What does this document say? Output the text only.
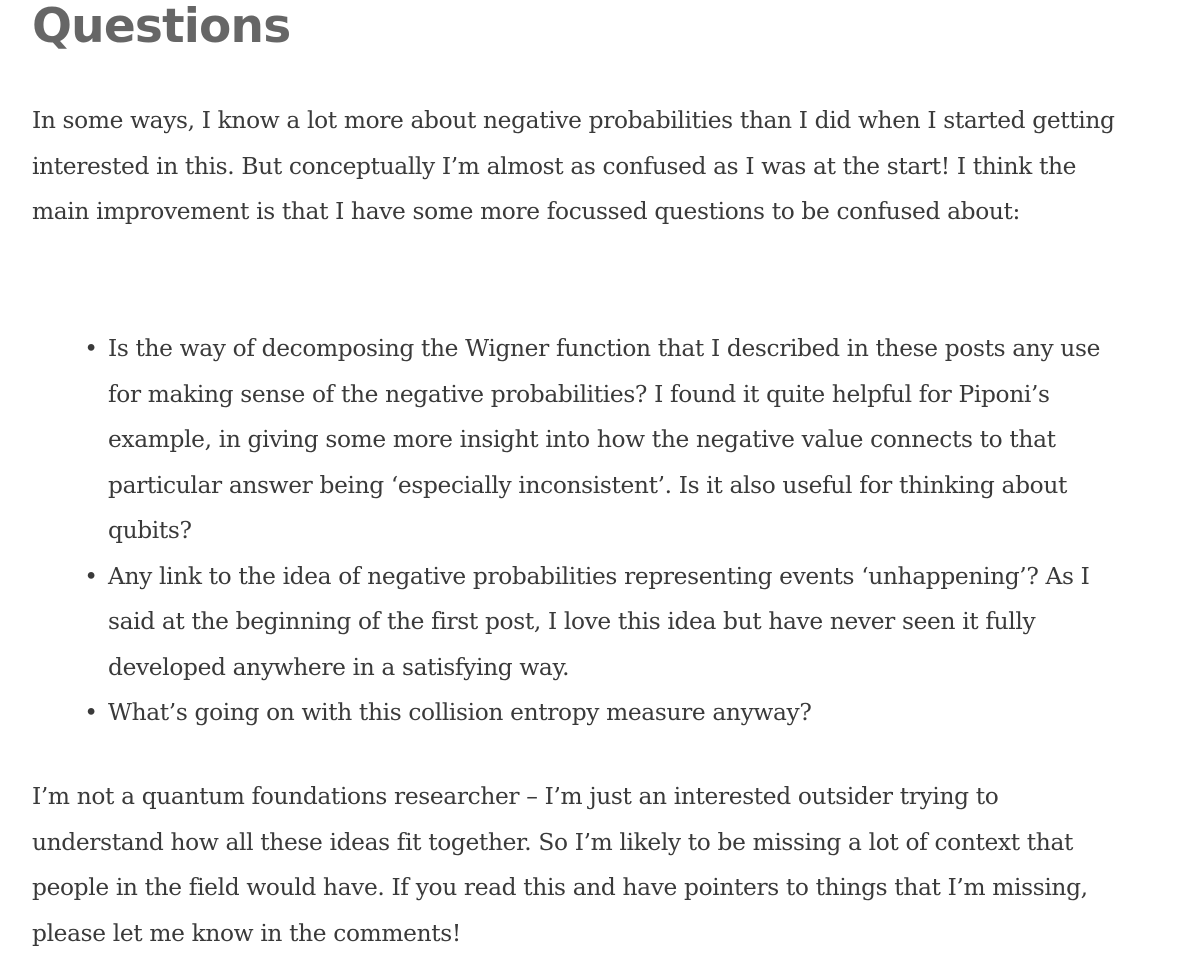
Questions

In some ways, I know a lot more about negative probabilities than I did when I started getting interested in this. But conceptually I’m almost as confused as I was at the start! I think the main improvement is that I have some more focussed questions to be confused about:

• Is the way of decomposing the Wigner function that I described in these posts any use for making sense of the negative probabilities? I found it quite helpful for Piponi’s example, in giving some more insight into how the negative value connects to that particular answer being ‘especially inconsistent’. Is it also useful for thinking about qubits?
• Any link to the idea of negative probabilities representing events ‘unhappening’? As I said at the beginning of the first post, I love this idea but have never seen it fully developed anywhere in a satisfying way.
• What’s going on with this collision entropy measure anyway?

I’m not a quantum foundations researcher – I’m just an interested outsider trying to understand how all these ideas fit together. So I’m likely to be missing a lot of context that people in the field would have. If you read this and have pointers to things that I’m missing, please let me know in the comments!
